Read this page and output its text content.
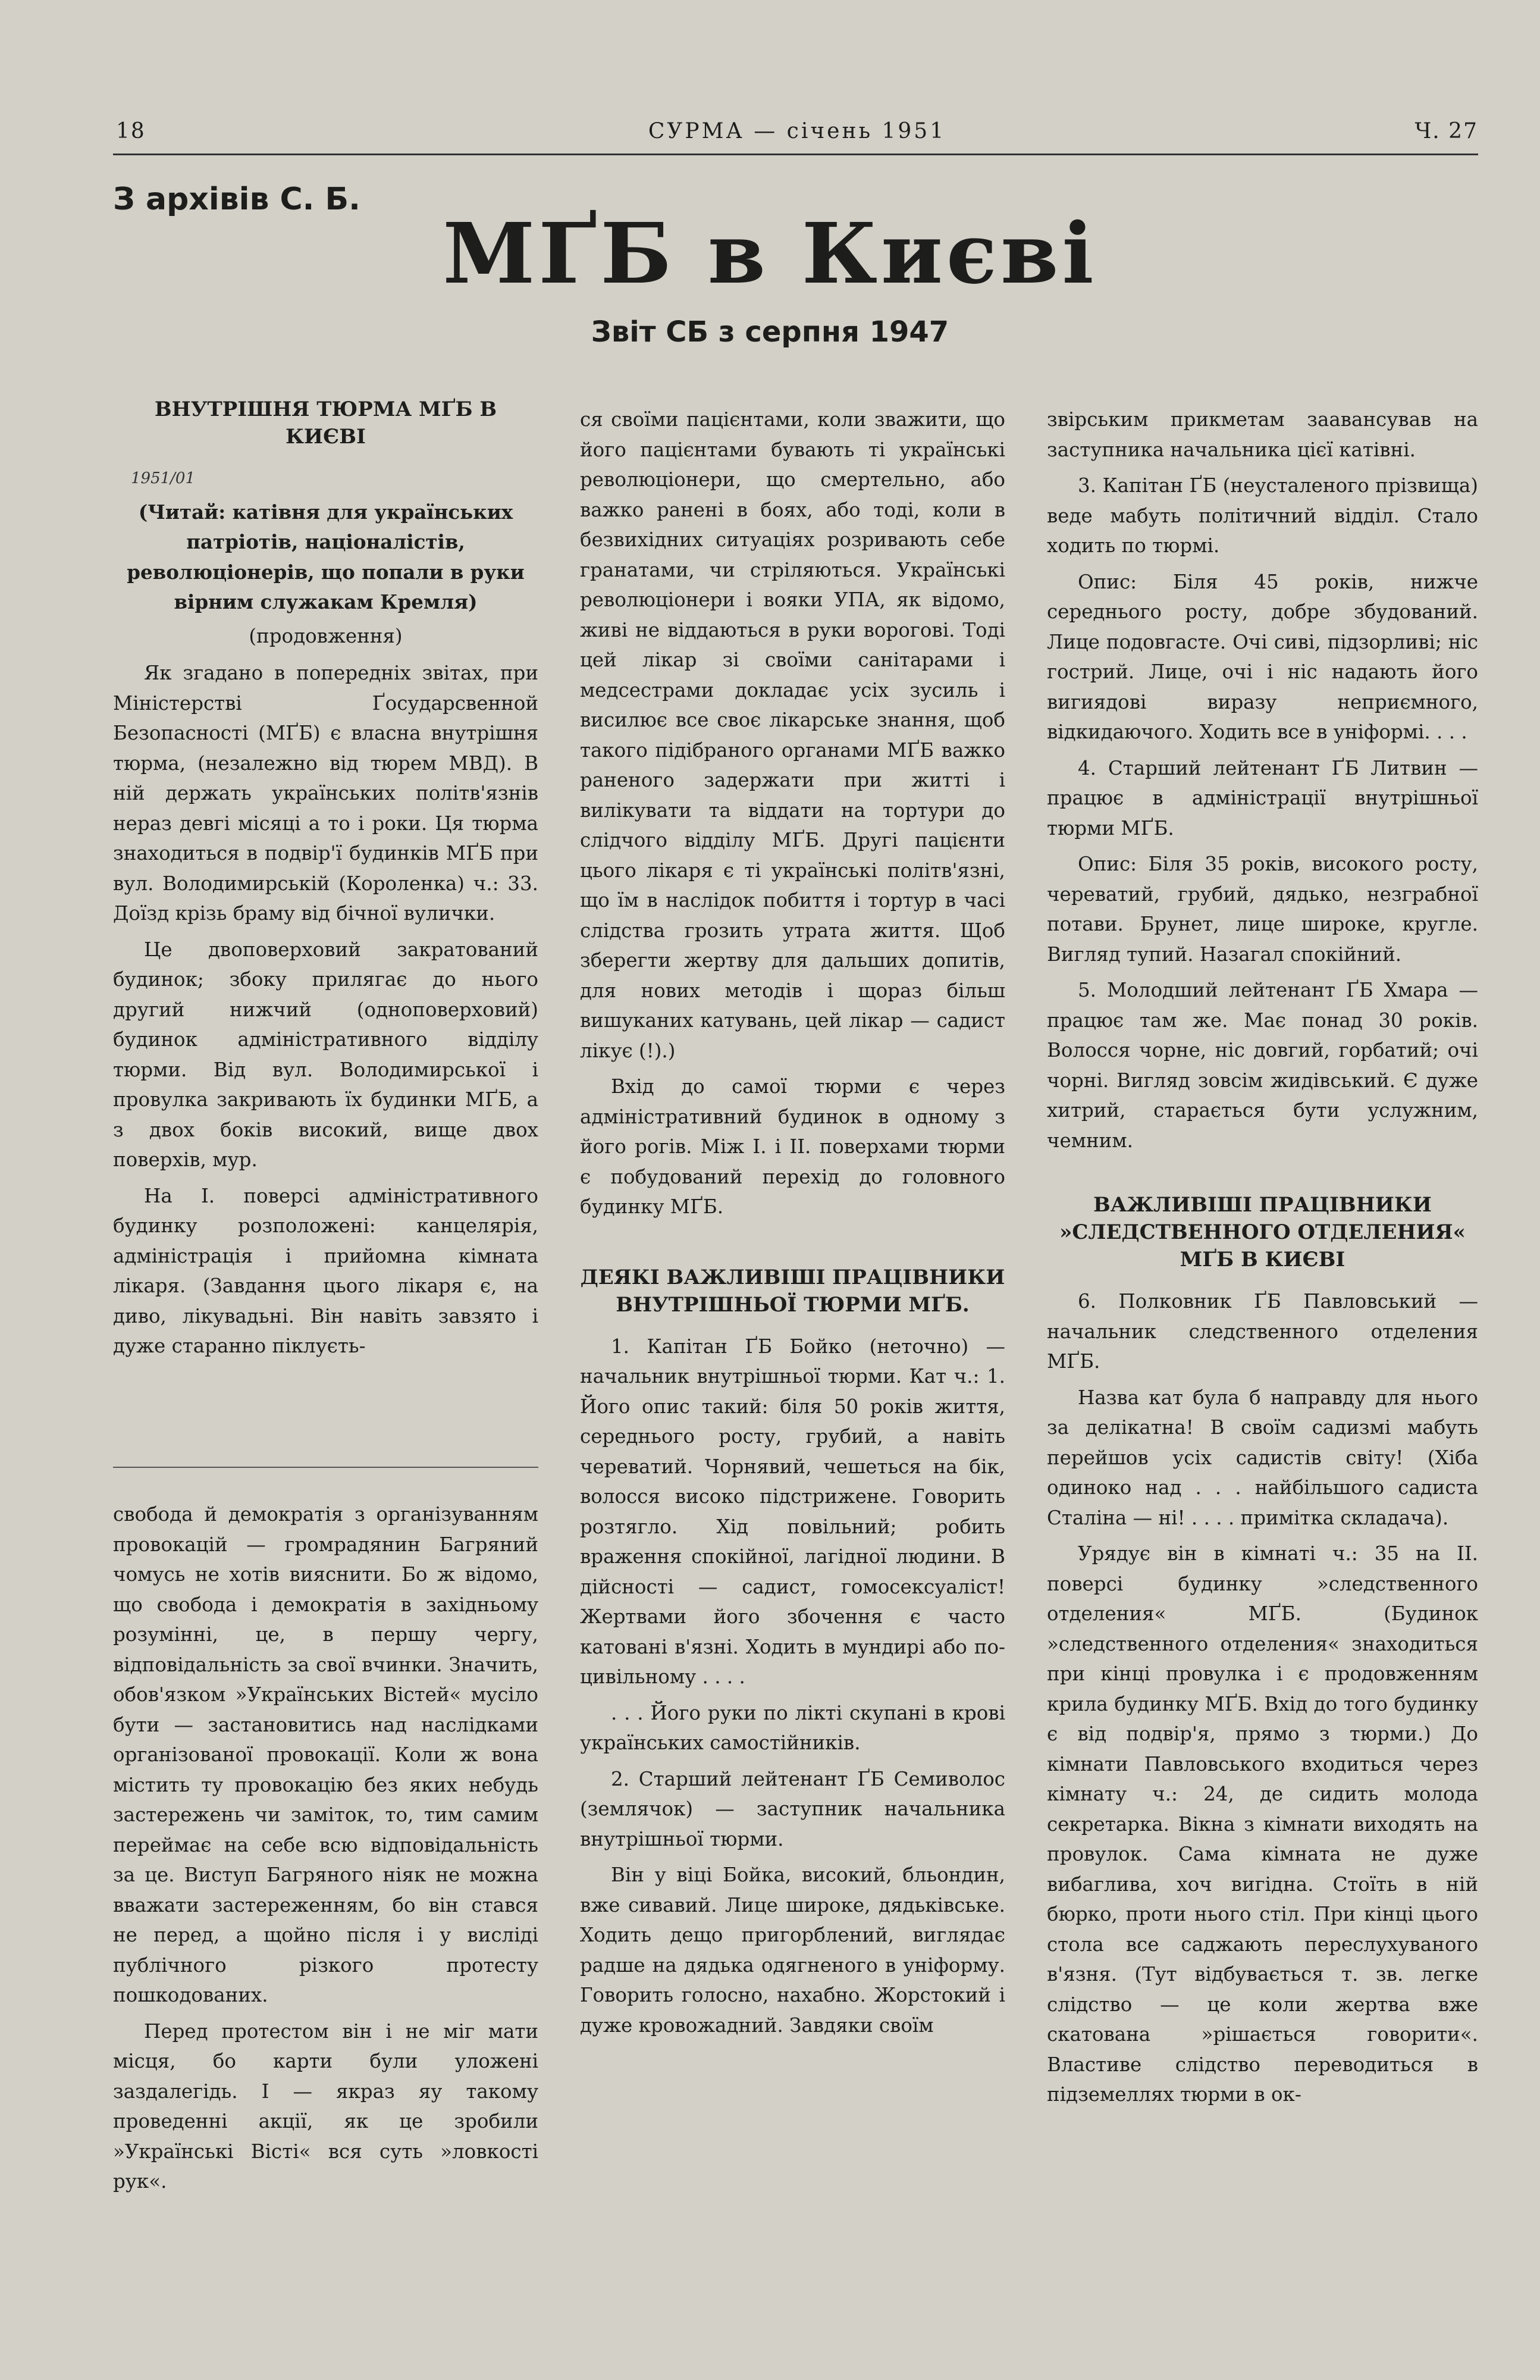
18	СУРМА — січень 1951	Ч. 27
З архівів С. Б.
МҐБ в Києві
Звіт СБ з серпня 1947
ВНУТРІШНЯ ТЮРМА МҐБ В КИЄВІ
1951/01

(Читай: катівня для українських патріотів, націоналістів, революціонерів, що попали в руки вірним служакам Кремля)

(продовження)

Як згадано в попередніх звітах, при Міністерстві Ґосударсвенной Безопасності (МҐБ) є власна внутрішня тюрма, (незалежно від тюрем МВД). В ній держать українських політв'язнів нераз девгі місяці а то і роки. Ця тюрма знаходиться в подвір'ї будинків МҐБ при вул. Володимирській (Короленка) ч.: 33. Доїзд крізь браму від бічної вулички.

Це двоповерховий закратований будинок; збоку прилягає до нього другий нижчий (одноповерховий) будинок адміністративного відділу тюрми. Від вул. Володимирської і провулка закривають їх будинки МҐБ, а з двох боків високий, вище двох поверхів, мур.

На І. поверсі адміністративного будинку розположені: канцелярія, адміністрація і прийомна кімната лікаря. (Завдання цього лікаря є, на диво, лікувадьні. Він навіть завзято і дуже старанно піклуєть-

свобода й демократія з організуванням провокацій — громрадянин Багряний чомусь не хотів вияснити. Бо ж відомо, що свобода і демократія в західньому розумінні, це, в першу чергу, відповідальність за свої вчинки. Значить, обов'язком »Українських Вістей« мусіло бути — застановитись над наслідками організованої провокації. Коли ж вона містить ту провокацію без яких небудь застережень чи заміток, то, тим самим переймає на себе всю відповідальність за це. Виступ Багряного ніяк не можна вважати застереженням, бо він стався не перед, а щойно після і у висліді публічного різкого протесту пошкодованих.

Перед протестом він і не міг мати місця, бо карти були уложені заздалегідь. І — якраз яу такому проведенні акції, як це зробили »Українські Вісті« вся суть »ловкості рук«.

ся своїми пацієнтами, коли зважити, що його пацієнтами бувають ті українські революціонери, що смертельно, або важко ранені в боях, або тоді, коли в безвихідних ситуаціях розривають себе гранатами, чи стріляються. Українські революціонери і вояки УПА, як відомо, живі не віддаються в руки ворогові. Тоді цей лікар зі своїми санітарами і медсестрами докладає усіх зусиль і висилює все своє лікарське знання, щоб такого підібраного органами МҐБ важко раненого задержати при житті і вилікувати та віддати на тортури до слідчого відділу МҐБ. Другі пацієнти цього лікаря є ті українські політв'язні, що їм в наслідок побиття і тортур в часі слідства грозить утрата життя. Щоб зберегти жертву для дальших допитів, для нових методів і щораз більш вишуканих катувань, цей лікар — садист лікує (!).)

Вхід до самої тюрми є через адміністративний будинок в одному з його рогів. Між І. і ІІ. поверхами тюрми є побудований перехід до головного будинку МҐБ.

ДЕЯКІ ВАЖЛИВІШІ ПРАЦІВНИКИ ВНУТРІШНЬОЇ ТЮРМИ МҐБ.

1. Капітан ҐБ Бойко (неточно) — начальник внутрішньої тюрми. Кат ч.: 1. Його опис такий: біля 50 років життя, середнього росту, грубий, а навіть череватий. Чорнявий, чешеться на бік, волосся високо підстрижене. Говорить розтягло. Хід повільний; робить враження спокійної, лагідної людини. В дійсності — садист, гомосексуаліст! Жертвами його збочення є часто катовані в'язні. Ходить в мундирі або по-цивільному . . . .

. . . Його руки по лікті скупані в крові українських самостійників.

2. Старший лейтенант ҐБ Семиволос (землячок) — заступник начальника внутрішньої тюрми.

Він у віці Бойка, високий, бльондин, вже сивавий. Лице широке, дядьківське. Ходить дещо пригорблений, виглядає радше на дядька одягненого в уніформу. Говорить голосно, нахабно. Жорстокий і дуже кровожадний. Завдяки своїм

звірським прикметам заавансував на заступника начальника цієї катівні.

3. Капітан ҐБ (неусталеного прізвища) веде мабуть політичний відділ. Стало ходить по тюрмі.

Опис: Біля 45 років, нижче середнього росту, добре збудований. Лице подовгасте. Очі сиві, підзорливі; ніс гострий. Лице, очі і ніс надають його вигиядові виразу неприємного, відкидаючого. Ходить все в уніформі. . . .

4. Старший лейтенант ҐБ Литвин — працює в адміністрації внутрішньої тюрми МҐБ.

Опис: Біля 35 років, високого росту, череватий, грубий, дядько, незграбної потави. Брунет, лице широке, кругле. Вигляд тупий. Назагал спокійний.

5. Молодший лейтенант ҐБ Хмара — працює там же. Має понад 30 років. Волосся чорне, ніс довгий, горбатий; очі чорні. Вигляд зовсім жидівський. Є дуже хитрий, старається бути услужним, чемним.

ВАЖЛИВІШІ ПРАЦІВНИКИ »СЛЕДСТВЕННОГО ОТДЕЛЕНИЯ« МҐБ В КИЄВІ

6. Полковник ҐБ Павловський — начальник следственного отделения МҐБ.

Назва кат була б направду для нього за делікатна! В своїм садизмі мабуть перейшов усіх садистів світу! (Хіба одиноко над . . . найбільшого садиста Сталіна — ні! . . . . примітка складача).

Урядує він в кімнаті ч.: 35 на ІІ. поверсі будинку »следственного отделения« МҐБ. (Будинок »следственного отделения« знаходиться при кінці провулка і є продовженням крила будинку МҐБ. Вхід до того будинку є від подвір'я, прямо з тюрми.) До кімнати Павловського входиться через кімнату ч.: 24, де сидить молода секретарка. Вікна з кімнати виходять на провулок. Сама кімната не дуже вибаглива, хоч вигідна. Стоїть в ній бюрко, проти нього стіл. При кінці цього стола все саджають переслухуваного в'язня. (Тут відбувається т. зв. легке слідство — це коли жертва вже скатована »рішається говорити«. Властиве слідство переводиться в підземеллях тюрми в ок-
